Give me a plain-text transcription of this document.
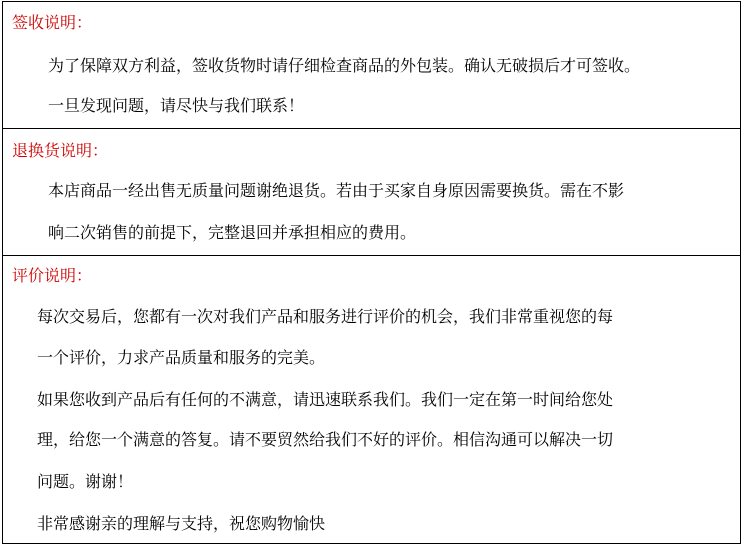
签收说明：
为了保障双方利益，签收货物时请仔细检查商品的外包装。确认无破损后才可签收。
一旦发现问题，请尽快与我们联系！
退换货说明：
本店商品一经出售无质量问题谢绝退货。若由于买家自身原因需要换货。需在不影
响二次销售的前提下，完整退回并承担相应的费用。
评价说明：
每次交易后，您都有一次对我们产品和服务进行评价的机会，我们非常重视您的每
一个评价，力求产品质量和服务的完美。
如果您收到产品后有任何的不满意，请迅速联系我们。我们一定在第一时间给您处
理，给您一个满意的答复。请不要贸然给我们不好的评价。相信沟通可以解决一切
问题。谢谢！
非常感谢亲的理解与支持，祝您购物愉快
